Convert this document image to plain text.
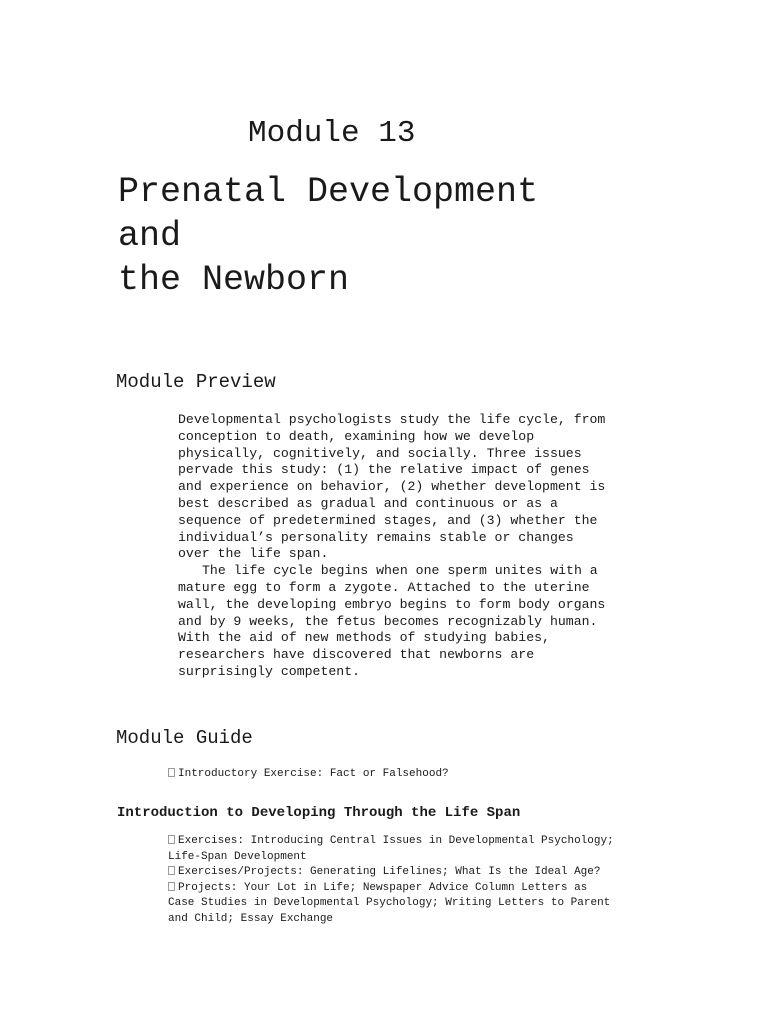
Module 13
Prenatal Development
and
the Newborn
Module Preview

Developmental psychologists study the life cycle, from
conception to death, examining how we develop
physically, cognitively, and socially. Three issues
pervade this study: (1) the relative impact of genes
and experience on behavior, (2) whether development is
best described as gradual and continuous or as a
sequence of predetermined stages, and (3) whether the
individual’s personality remains stable or changes
over the life span.

The life cycle begins when one sperm unites with a
mature egg to form a zygote. Attached to the uterine
wall, the developing embryo begins to form body organs
and by 9 weeks, the fetus becomes recognizably human.
With the aid of new methods of studying babies,
researchers have discovered that newborns are
surprisingly competent.

Module Guide
Introductory Exercise: Fact or Falsehood?
Introduction to Developing Through the Life Span
Exercises: Introducing Central Issues in Developmental Psychology;
Life-Span Development
Exercises/Projects: Generating Lifelines; What Is the Ideal Age?
Projects: Your Lot in Life; Newspaper Advice Column Letters as
Case Studies in Developmental Psychology; Writing Letters to Parent
and Child; Essay Exchange
